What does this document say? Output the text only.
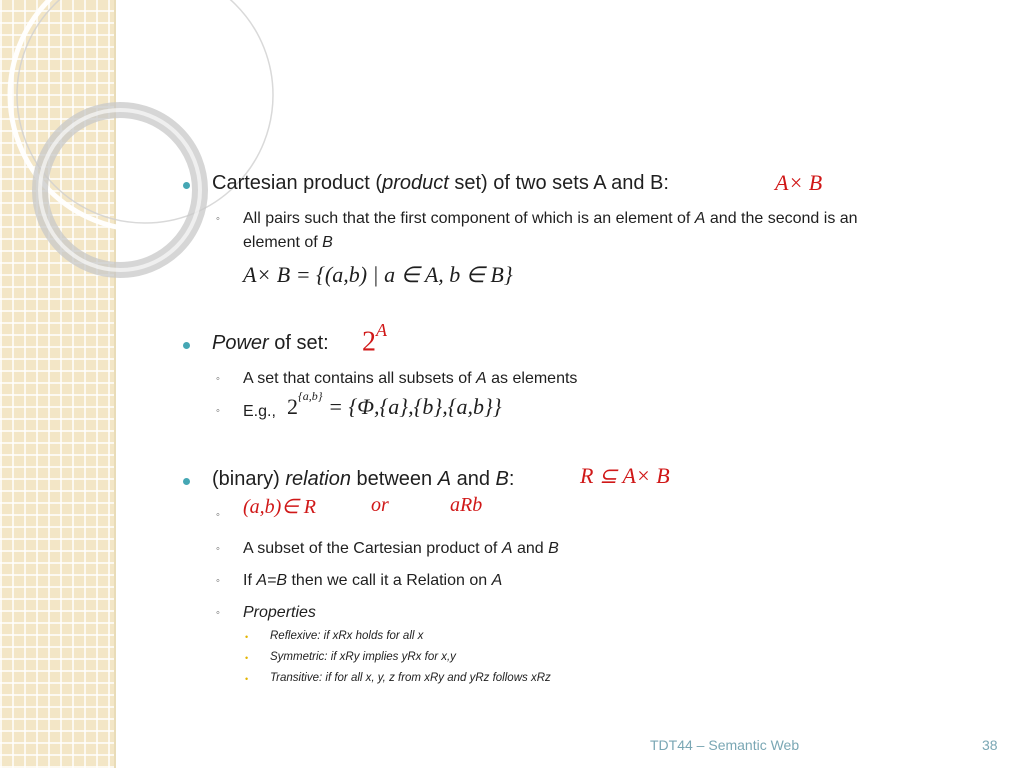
Cartesian product (product set) of two sets A and B:	A× B
◦ All pairs such that the first component of which is an element of A and the second is an
element of B
A× B = {(a,b) | a ∈ A, b ∈ B}
Power of set: $2^A$
◦ A set that contains all subsets of A as elements
◦ E.g., $2^{\{a,b\}} = \{\Phi,\{a\},\{b\},\{a,b\}\}$
(binary) relation between A and B:	R ⊆ A× B
◦ (a,b)∈ R	or	aRb
◦ A subset of the Cartesian product of A and B
◦ If A=B then we call it a Relation on A
◦ Properties
• Reflexive: if xRx holds for all x
• Symmetric: if xRy implies yRx for x,y
• Transitive: if for all x, y, z from xRy and yRz follows xRz
TDT44 – Semantic Web	38
